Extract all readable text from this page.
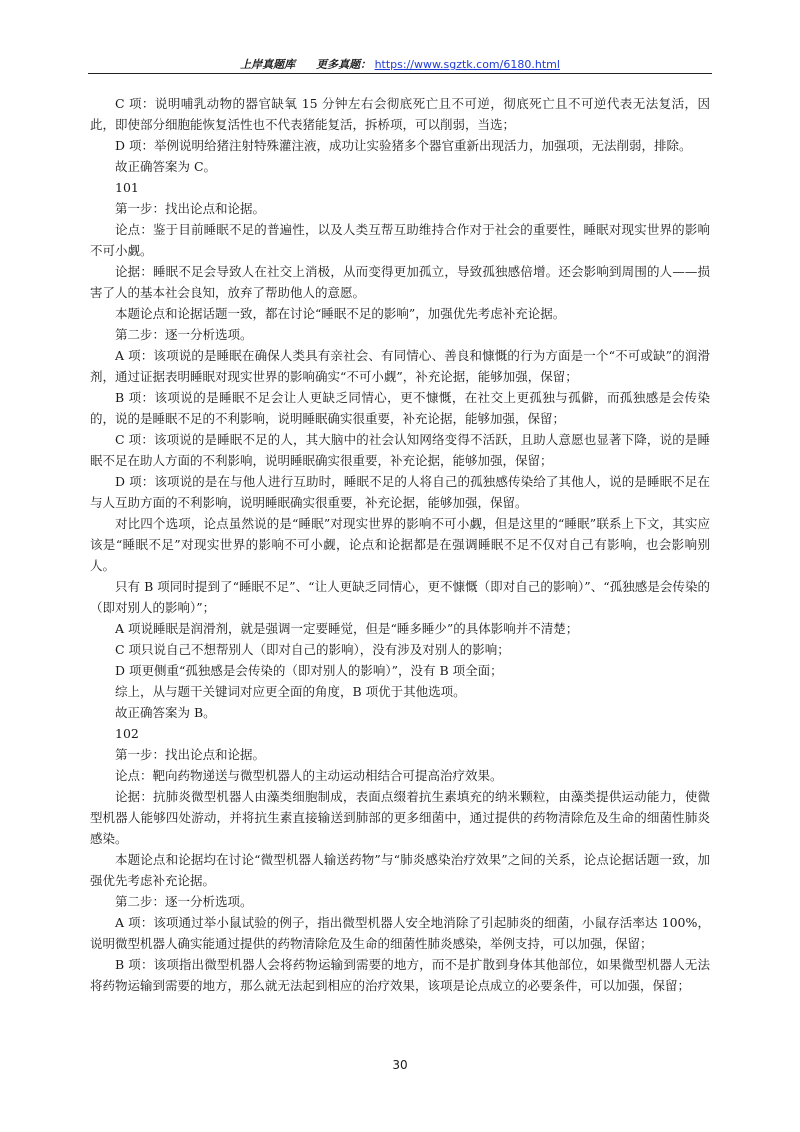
上岸真题库 更多真题： https://www.sgztk.com/6180.html

C 项：说明哺乳动物的器官缺氧 15 分钟左右会彻底死亡且不可逆，彻底死亡且不可逆代表无法复活，因此，即使部分细胞能恢复活性也不代表猪能复活，拆桥项，可以削弱，当选；

D 项：举例说明给猪注射特殊灌注液，成功让实验猪多个器官重新出现活力，加强项，无法削弱，排除。

故正确答案为 C。

101

第一步：找出论点和论据。

论点：鉴于目前睡眠不足的普遍性，以及人类互帮互助维持合作对于社会的重要性，睡眠对现实世界的影响不可小觑。

论据：睡眠不足会导致人在社交上消极，从而变得更加孤立，导致孤独感倍增。还会影响到周围的人——损害了人的基本社会良知，放弃了帮助他人的意愿。

本题论点和论据话题一致，都在讨论“睡眠不足的影响”，加强优先考虑补充论据。

第二步：逐一分析选项。

A 项：该项说的是睡眠在确保人类具有亲社会、有同情心、善良和慷慨的行为方面是一个“不可或缺”的润滑剂，通过证据表明睡眠对现实世界的影响确实“不可小觑”，补充论据，能够加强，保留；

B 项：该项说的是睡眠不足会让人更缺乏同情心，更不慷慨，在社交上更孤独与孤僻，而孤独感是会传染的，说的是睡眠不足的不利影响，说明睡眠确实很重要，补充论据，能够加强，保留；

C 项：该项说的是睡眠不足的人，其大脑中的社会认知网络变得不活跃，且助人意愿也显著下降，说的是睡眠不足在助人方面的不利影响，说明睡眠确实很重要，补充论据，能够加强，保留；

D 项：该项说的是在与他人进行互助时，睡眠不足的人将自己的孤独感传染给了其他人，说的是睡眠不足在与人互助方面的不利影响，说明睡眠确实很重要，补充论据，能够加强，保留。

对比四个选项，论点虽然说的是“睡眠”对现实世界的影响不可小觑，但是这里的“睡眠”联系上下文，其实应该是“睡眠不足”对现实世界的影响不可小觑，论点和论据都是在强调睡眠不足不仅对自己有影响，也会影响别人。

只有 B 项同时提到了“睡眠不足”、“让人更缺乏同情心，更不慷慨（即对自己的影响）”、“孤独感是会传染的（即对别人的影响）”；

A 项说睡眠是润滑剂，就是强调一定要睡觉，但是“睡多睡少”的具体影响并不清楚；

C 项只说自己不想帮别人（即对自己的影响），没有涉及对别人的影响；

D 项更侧重“孤独感是会传染的（即对别人的影响）”，没有 B 项全面；

综上，从与题干关键词对应更全面的角度，B 项优于其他选项。

故正确答案为 B。

102

第一步：找出论点和论据。

论点：靶向药物递送与微型机器人的主动运动相结合可提高治疗效果。

论据：抗肺炎微型机器人由藻类细胞制成，表面点缀着抗生素填充的纳米颗粒，由藻类提供运动能力，使微型机器人能够四处游动，并将抗生素直接输送到肺部的更多细菌中，通过提供的药物清除危及生命的细菌性肺炎感染。

本题论点和论据均在讨论“微型机器人输送药物”与“肺炎感染治疗效果”之间的关系，论点论据话题一致，加强优先考虑补充论据。

第二步：逐一分析选项。

A 项：该项通过举小鼠试验的例子，指出微型机器人安全地消除了引起肺炎的细菌，小鼠存活率达 100%，说明微型机器人确实能通过提供的药物清除危及生命的细菌性肺炎感染，举例支持，可以加强，保留；

B 项：该项指出微型机器人会将药物运输到需要的地方，而不是扩散到身体其他部位，如果微型机器人无法将药物运输到需要的地方，那么就无法起到相应的治疗效果，该项是论点成立的必要条件，可以加强，保留；

30
